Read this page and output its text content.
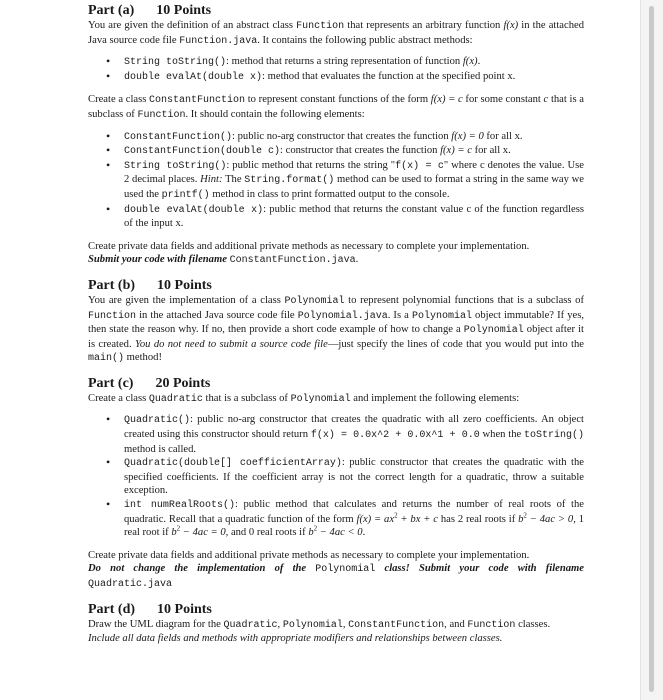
Part (a) 10 Points

You are given the definition of an abstract class Function that represents an arbitrary function f(x) in the attached Java source code file Function.java. It contains the following public abstract methods:

• String toString(): method that returns a string representation of function f(x).
• double evalAt(double x): method that evaluates the function at the specified point x.

Create a class ConstantFunction to represent constant functions of the form f(x) = c for some constant c that is a subclass of Function. It should contain the following elements:

• ConstantFunction(): public no-arg constructor that creates the function f(x) = 0 for all x.
• ConstantFunction(double c): constructor that creates the function f(x) = c for all x.
• String toString(): public method that returns the string "f(x) = c" where c denotes the value. Use 2 decimal places. Hint: The String.format() method can be used to format a string in the same way we used the printf() method in class to print formatted output to the console.
• double evalAt(double x): public method that returns the constant value c of the function regardless of the input x.

Create private data fields and additional private methods as necessary to complete your implementation.

Submit your code with filename ConstantFunction.java.

Part (b) 10 Points

You are given the implementation of a class Polynomial to represent polynomial functions that is a subclass of Function in the attached Java source code file Polynomial.java. Is a Polynomial object immutable? If yes, then state the reason why. If no, then provide a short code example of how to change a Polynomial object after it is created. You do not need to submit a source code file—just specify the lines of code that you would put into the main() method!

Part (c) 20 Points

Create a class Quadratic that is a subclass of Polynomial and implement the following elements:

• Quadratic(): public no-arg constructor that creates the quadratic with all zero coefficients. An object created using this constructor should return f(x) = 0.0x^2 + 0.0x^1 + 0.0 when the toString() method is called.
• Quadratic(double[] coefficientArray): public constructor that creates the quadratic with the specified coefficients. If the coefficient array is not the correct length for a quadratic, throw a suitable exception.
• int numRealRoots(): public method that calculates and returns the number of real roots of the quadratic. Recall that a quadratic function of the form $f(x) = ax^2$ + bx + c has 2 real roots if $b^2 - 4ac > 0$, 1 real root if $b^2 - 4ac = 0$, and 0 real roots if $b^2 - 4ac < 0$.

Create private data fields and additional private methods as necessary to complete your implementation.

Do not change the implementation of the Polynomial class! Submit your code with filename Quadratic.java

Part (d) 10 Points

Draw the UML diagram for the Quadratic, Polynomial, ConstantFunction, and Function classes.

Include all data fields and methods with appropriate modifiers and relationships between classes.
